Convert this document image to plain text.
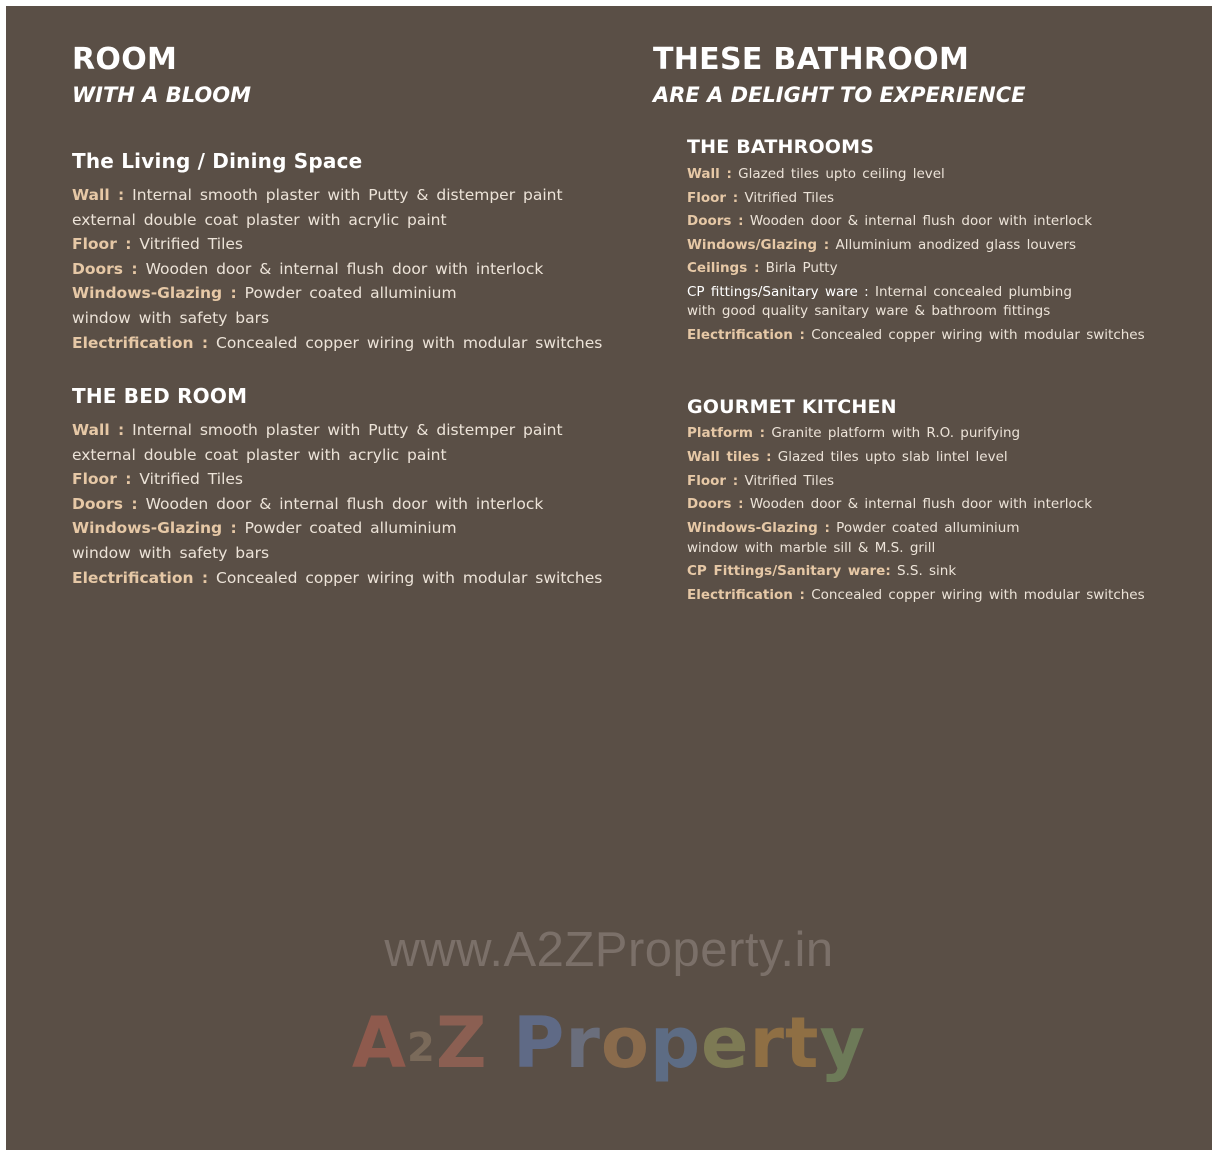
ROOM
WITH A BLOOM
The Living / Dining Space
Wall : Internal smooth plaster with Putty & distemper paint
external double coat plaster with acrylic paint
Floor : Vitrified Tiles
Doors : Wooden door & internal flush door with interlock
Windows-Glazing : Powder coated alluminium
window with safety bars
Electrification : Concealed copper wiring with modular switches
THE BED ROOM
Wall : Internal smooth plaster with Putty & distemper paint
external double coat plaster with acrylic paint
Floor : Vitrified Tiles
Doors : Wooden door & internal flush door with interlock
Windows-Glazing : Powder coated alluminium
window with safety bars
Electrification : Concealed copper wiring with modular switches
THESE BATHROOM
ARE A DELIGHT TO EXPERIENCE
THE BATHROOMS
Wall : Glazed tiles upto ceiling level
Floor : Vitrified Tiles
Doors : Wooden door & internal flush door with interlock
Windows/Glazing : Alluminium anodized glass louvers
Ceilings : Birla Putty
CP fittings/Sanitary ware : Internal concealed plumbing
with good quality sanitary ware & bathroom fittings
Electrification : Concealed copper wiring with modular switches
GOURMET KITCHEN
Platform : Granite platform with R.O. purifying
Wall tiles : Glazed tiles upto slab lintel level
Floor : Vitrified Tiles
Doors : Wooden door & internal flush door with interlock
Windows-Glazing : Powder coated alluminium
window with marble sill & M.S. grill
CP Fittings/Sanitary ware: S.S. sink
Electrification : Concealed copper wiring with modular switches
www.A2ZProperty.in
A2Z Property
